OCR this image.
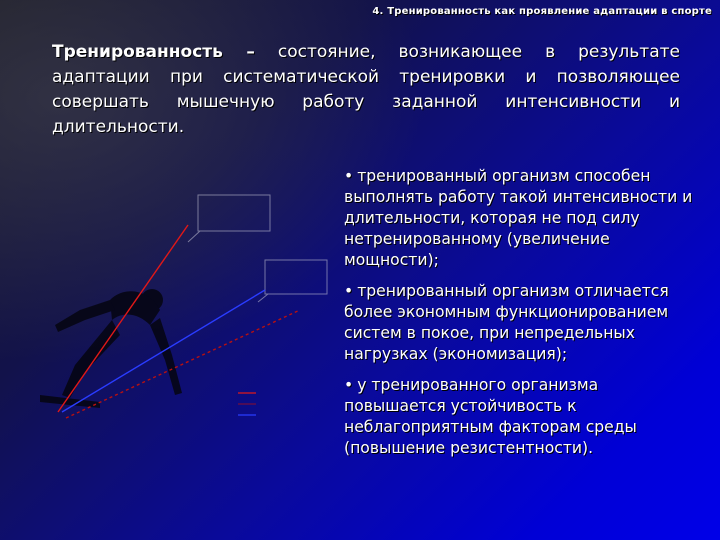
4. Тренированность как проявление адаптации в спорте
Тренированность – состояние, возникающее в результате адаптации при систематической тренировки и позволяющее совершать мышечную работу заданной интенсивности и длительности.
• тренированный организм способен выполнять работу такой интенсивности и длительности, которая не под силу нетренированному (увеличение мощности);
• тренированный организм отличается более экономным функционированием систем в покое, при непредельных нагрузках (экономизация);
• у тренированного организма повышается устойчивость к неблагоприятным факторам среды (повышение резистентности).
